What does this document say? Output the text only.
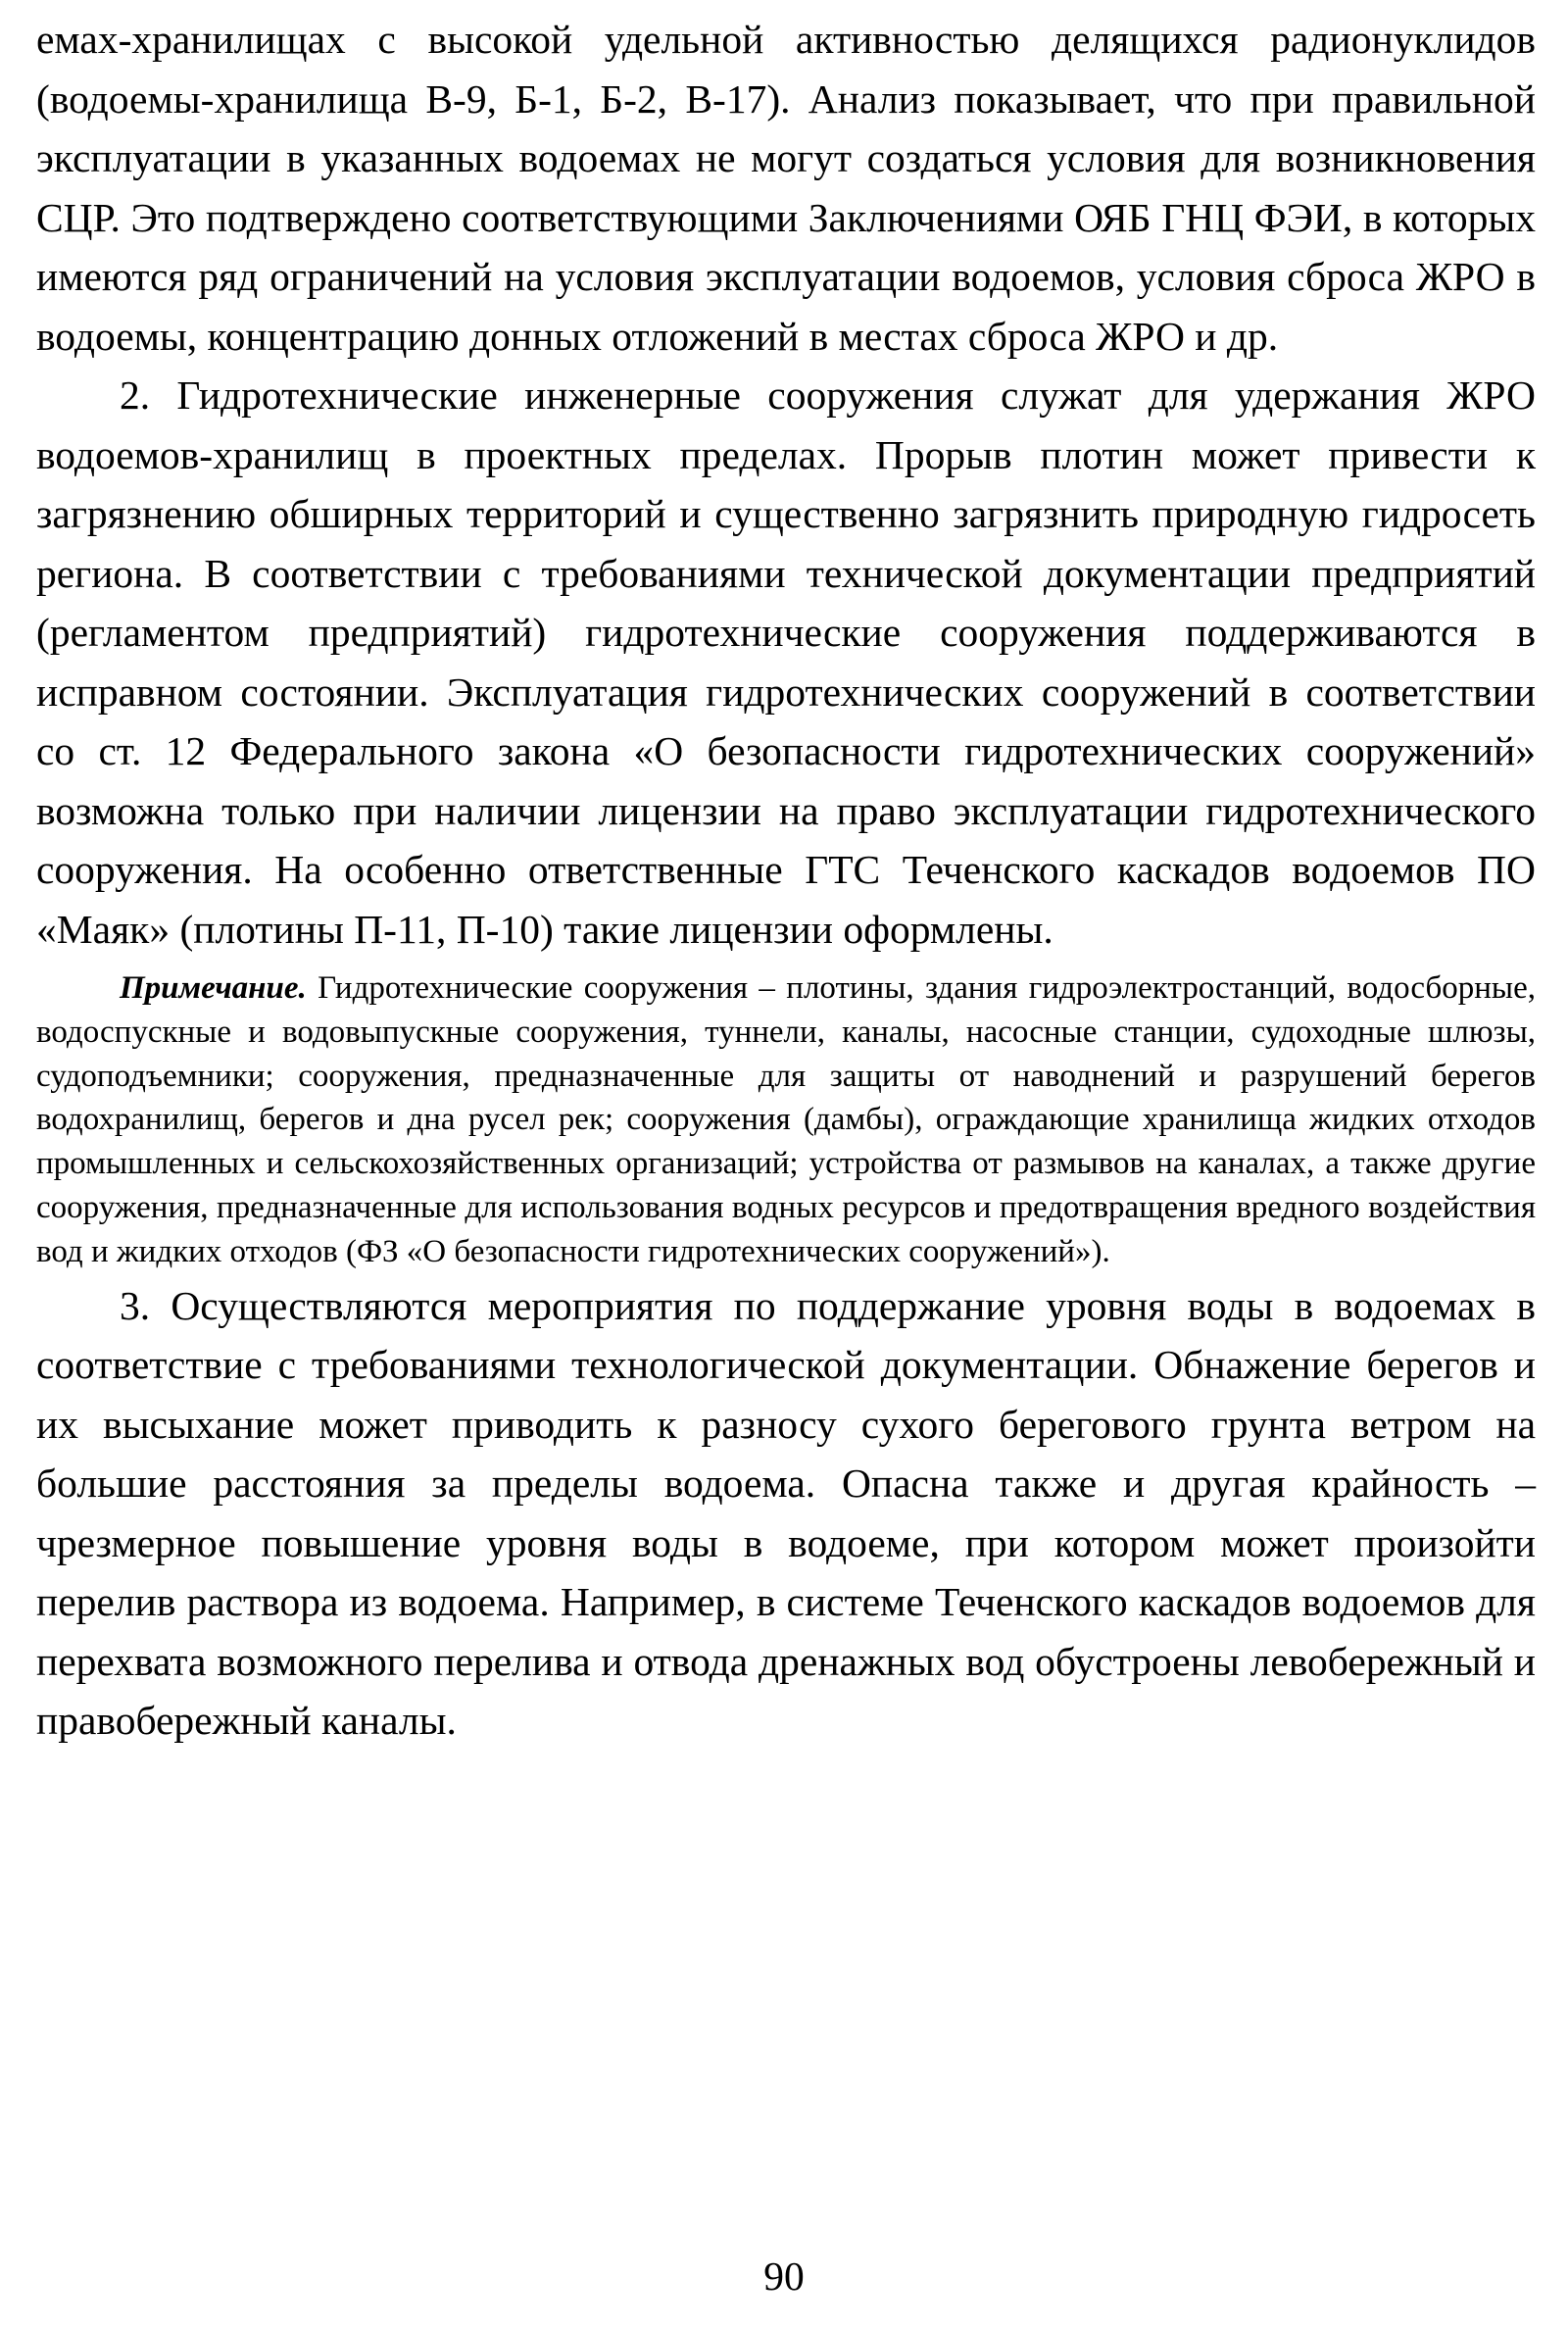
емах-хранилищах с высокой удельной активностью делящихся радионуклидов (водоемы-хранилища В-9, Б-1, Б-2, В-17). Анализ показывает, что при правильной эксплуатации в указанных водоемах не могут создаться условия для возникновения СЦР. Это подтверждено соответствующими Заключениями ОЯБ ГНЦ ФЭИ, в которых имеются ряд ограничений на условия эксплуатации водоемов, условия сброса ЖРО в водоемы, концентрацию донных отложений в местах сброса ЖРО и др.

2. Гидротехнические инженерные сооружения служат для удержания ЖРО водоемов-хранилищ в проектных пределах. Прорыв плотин может привести к загрязнению обширных территорий и существенно загрязнить природную гидросеть региона. В соответствии с требованиями технической документации предприятий (регламентом предприятий) гидротехнические сооружения поддерживаются в исправном состоянии. Эксплуатация гидротехнических сооружений в соответствии со ст. 12 Федерального закона «О безопасности гидротехнических сооружений» возможна только при наличии лицензии на право эксплуатации гидротехнического сооружения. На особенно ответственные ГТС Теченского каскадов водоемов ПО «Маяк» (плотины П-11, П-10) такие лицензии оформлены.

Примечание. Гидротехнические сооружения – плотины, здания гидроэлектростанций, водосборные, водоспускные и водовыпускные сооружения, туннели, каналы, насосные станции, судоходные шлюзы, судоподъемники; сооружения, предназначенные для защиты от наводнений и разрушений берегов водохранилищ, берегов и дна русел рек; сооружения (дамбы), ограждающие хранилища жидких отходов промышленных и сельскохозяйственных организаций; устройства от размывов на каналах, а также другие сооружения, предназначенные для использования водных ресурсов и предотвращения вредного воздействия вод и жидких отходов (ФЗ «О безопасности гидротехнических сооружений»).

3. Осуществляются мероприятия по поддержание уровня воды в водоемах в соответствие с требованиями технологической документации. Обнажение берегов и их высыхание может приводить к разносу сухого берегового грунта ветром на большие расстояния за пределы водоема. Опасна также и другая крайность – чрезмерное повышение уровня воды в водоеме, при котором может произойти перелив раствора из водоема. Например, в системе Теченского каскадов водоемов для перехвата возможного перелива и отвода дренажных вод обустроены левобережный и правобережный каналы.

90
